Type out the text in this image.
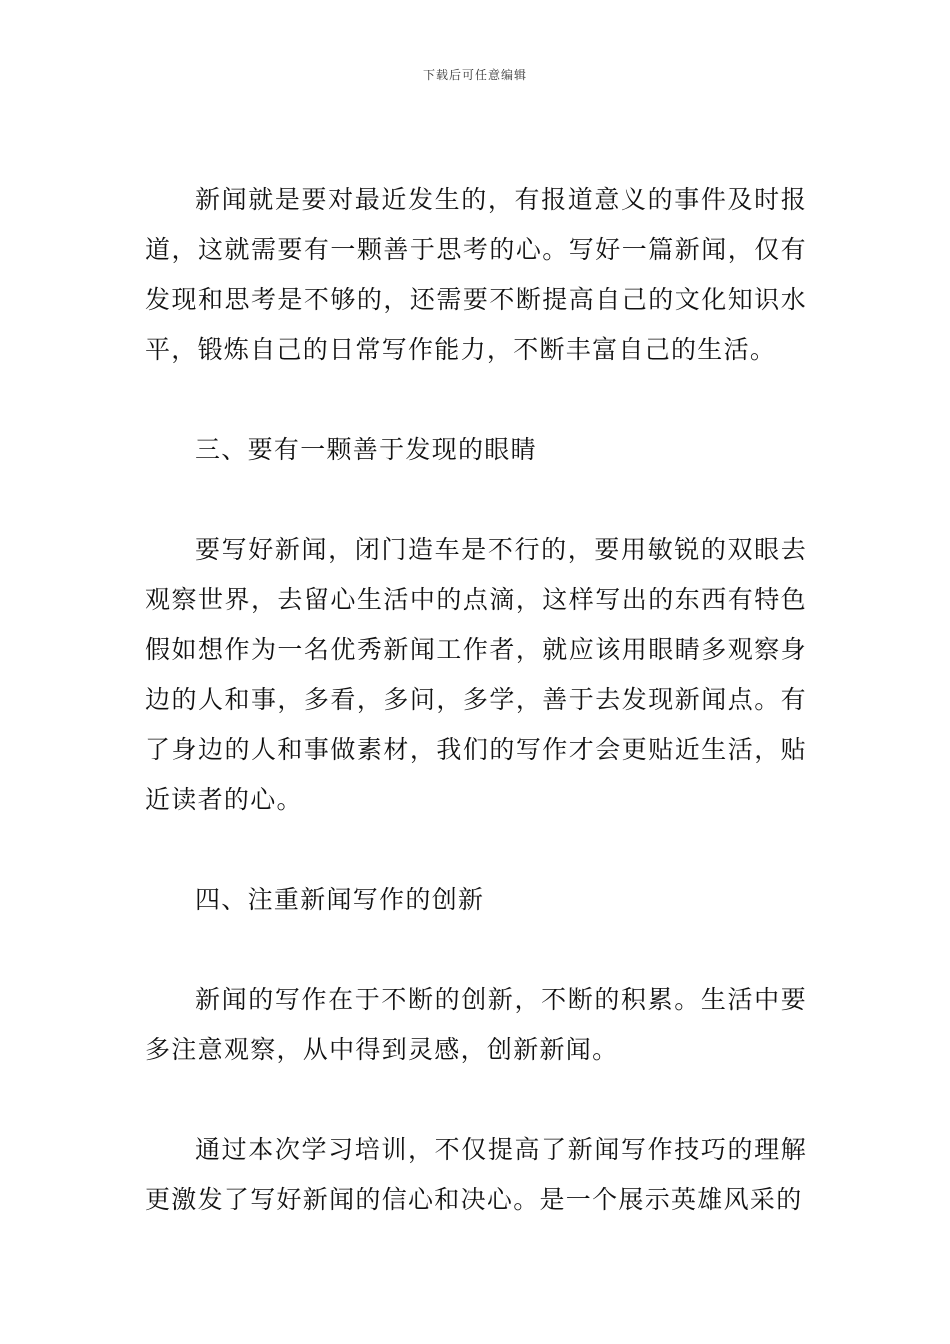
下载后可任意编辑

新闻就是要对最近发生的，有报道意义的事件及时报道，这就需要有一颗善于思考的心。写好一篇新闻，仅有发现和思考是不够的，还需要不断提高自己的文化知识水平，锻炼自己的日常写作能力，不断丰富自己的生活。

三、要有一颗善于发现的眼睛

要写好新闻，闭门造车是不行的，要用敏锐的双眼去观察世界，去留心生活中的点滴，这样写出的东西有特色假如想作为一名优秀新闻工作者，就应该用眼睛多观察身边的人和事，多看，多问，多学，善于去发现新闻点。有了身边的人和事做素材，我们的写作才会更贴近生活，贴近读者的心。

四、注重新闻写作的创新

新闻的写作在于不断的创新，不断的积累。生活中要多注意观察，从中得到灵感，创新新闻。

通过本次学习培训，不仅提高了新闻写作技巧的理解更激发了写好新闻的信心和决心。是一个展示英雄风采的
